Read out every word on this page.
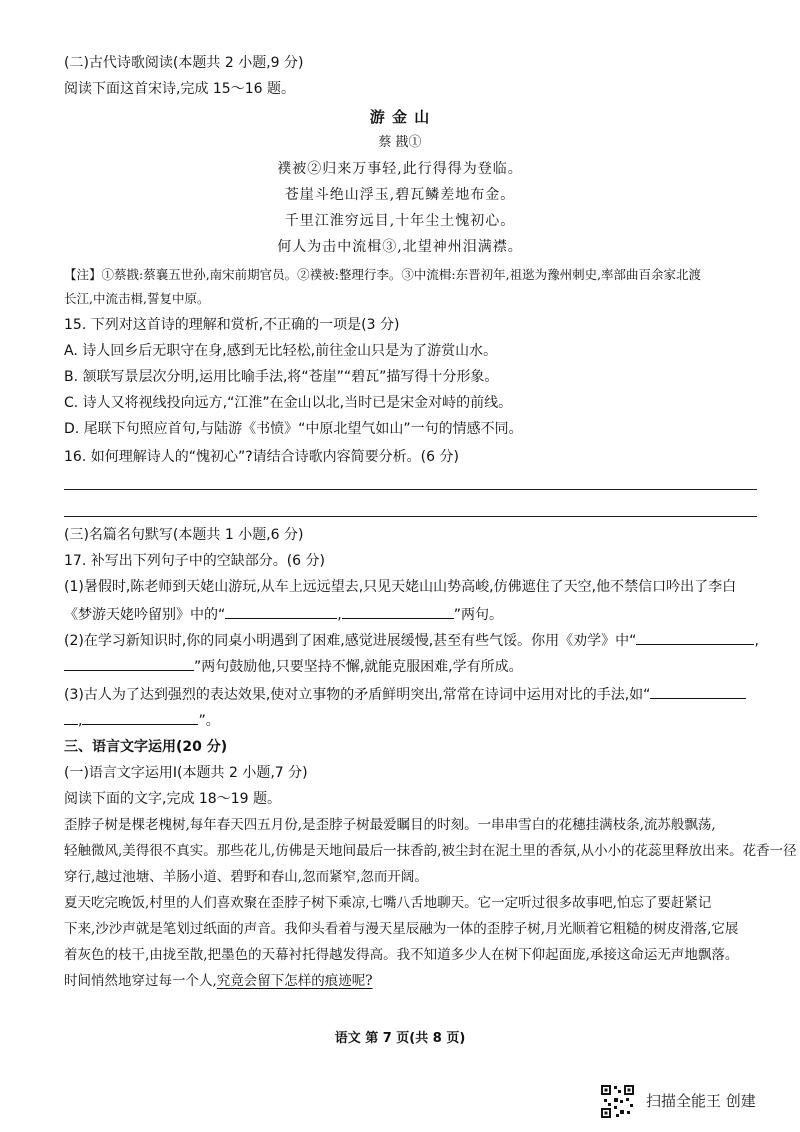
(二)古代诗歌阅读(本题共 2 小题,9 分)
阅读下面这首宋诗,完成 15～16 题。
游 金 山
蔡 戡①
襆被②归来万事轻,此行得得为登临。
苍崖斗绝山浮玉,碧瓦鳞差地布金。
千里江淮穷远目,十年尘土愧初心。
何人为击中流楫③,北望神州泪满襟。
【注】①蔡戡:蔡襄五世孙,南宋前期官员。②襆被:整理行李。③中流楫:东晋初年,祖逖为豫州刺史,率部曲百余家北渡
长江,中流击楫,誓复中原。
15. 下列对这首诗的理解和赏析,不正确的一项是(3 分)
A. 诗人回乡后无职守在身,感到无比轻松,前往金山只是为了游赏山水。
B. 颔联写景层次分明,运用比喻手法,将“苍崖”“碧瓦”描写得十分形象。
C. 诗人又将视线投向远方,“江淮”在金山以北,当时已是宋金对峙的前线。
D. 尾联下句照应首句,与陆游《书愤》“中原北望气如山”一句的情感不同。
16. 如何理解诗人的“愧初心”?请结合诗歌内容简要分析。(6 分)
(三)名篇名句默写(本题共 1 小题,6 分)
17. 补写出下列句子中的空缺部分。(6 分)
(1)暑假时,陈老师到天姥山游玩,从车上远远望去,只见天姥山山势高峻,仿佛遮住了天空,他不禁信口吟出了李白
《梦游天姥吟留别》中的“	,	”两句。
(2)在学习新知识时,你的同桌小明遇到了困难,感觉进展缓慢,甚至有些气馁。你用《劝学》中“	,
”两句鼓励他,只要坚持不懈,就能克服困难,学有所成。
(3)古人为了达到强烈的表达效果,使对立事物的矛盾鲜明突出,常常在诗词中运用对比的手法,如“
,	”。
三、语言文字运用(20 分)
(一)语言文字运用Ⅰ(本题共 2 小题,7 分)
阅读下面的文字,完成 18～19 题。
歪脖子树是棵老槐树,每年春天四五月份,是歪脖子树最爱瞩目的时刻。一串串雪白的花穗挂满枝条,流苏般飘荡,
轻触微风,美得很不真实。那些花儿,仿佛是天地间最后一抹香韵,被尘封在泥土里的香氛,从小小的花蕊里释放出来。花香一径
穿行,越过池塘、羊肠小道、碧野和春山,忽而紧窄,忽而开阔。
夏天吃完晚饭,村里的人们喜欢聚在歪脖子树下乘凉,七嘴八舌地聊天。它一定听过很多故事吧,怕忘了要赶紧记
下来,沙沙声就是笔划过纸面的声音。我仰头看着与漫天星辰融为一体的歪脖子树,月光顺着它粗糙的树皮滑落,它展
着灰色的枝干,由拢至散,把墨色的天幕衬托得越发得高。我不知道多少人在树下仰起面庞,承接这命运无声地飘落。
时间悄然地穿过每一个人,究竟会留下怎样的痕迹呢?
语文 第 7 页(共 8 页)
扫描全能王 创建
